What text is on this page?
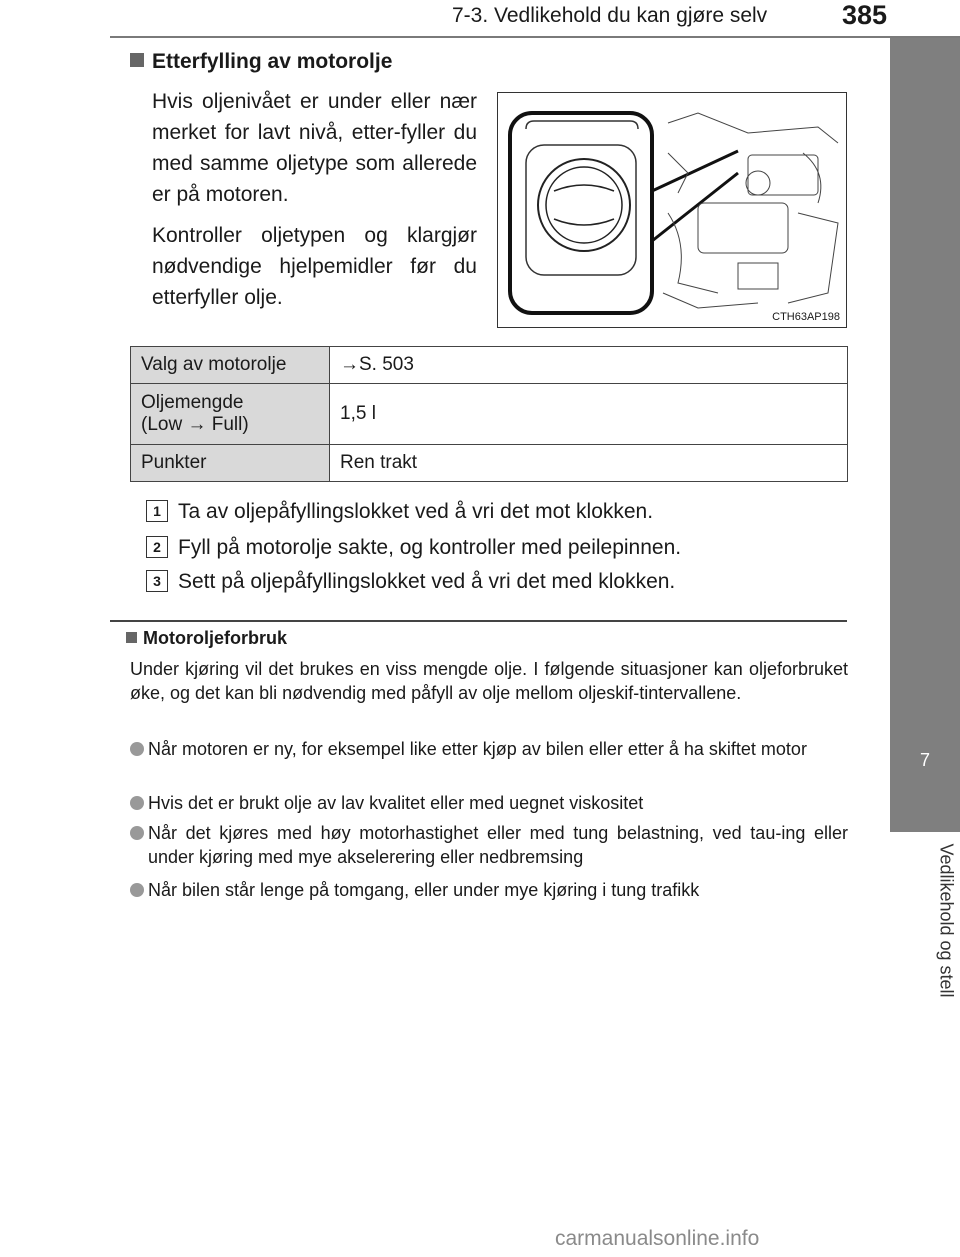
7-3. Vedlikehold du kan gjøre selv	385
7
Vedlikehold og stell
Etterfylling av motorolje

Hvis oljenivået er under eller nær merket for lavt nivå, etter-fyller du med samme oljetype som allerede er på motoren.

Kontroller oljetypen og klargjør nødvendige hjelpemidler før du etterfyller olje.

CTH63AP198
Valg av motorolje	→S. 503
Oljemengde
(Low → Full)	1,5 l
Punkter	Ren trakt
1 Ta av oljepåfyllingslokket ved å vri det mot klokken.
2 Fyll på motorolje sakte, og kontroller med peilepinnen.
3 Sett på oljepåfyllingslokket ved å vri det med klokken.
Motoroljeforbruk
Under kjøring vil det brukes en viss mengde olje. I følgende situasjoner kan oljeforbruket øke, og det kan bli nødvendig med påfyll av olje mellom oljeskif-tintervallene.
Når motoren er ny, for eksempel like etter kjøp av bilen eller etter å ha skiftet motor
Hvis det er brukt olje av lav kvalitet eller med uegnet viskositet
Når det kjøres med høy motorhastighet eller med tung belastning, ved tau-ing eller under kjøring med mye akselerering eller nedbremsing
Når bilen står lenge på tomgang, eller under mye kjøring i tung trafikk
carmanualsonline.info
